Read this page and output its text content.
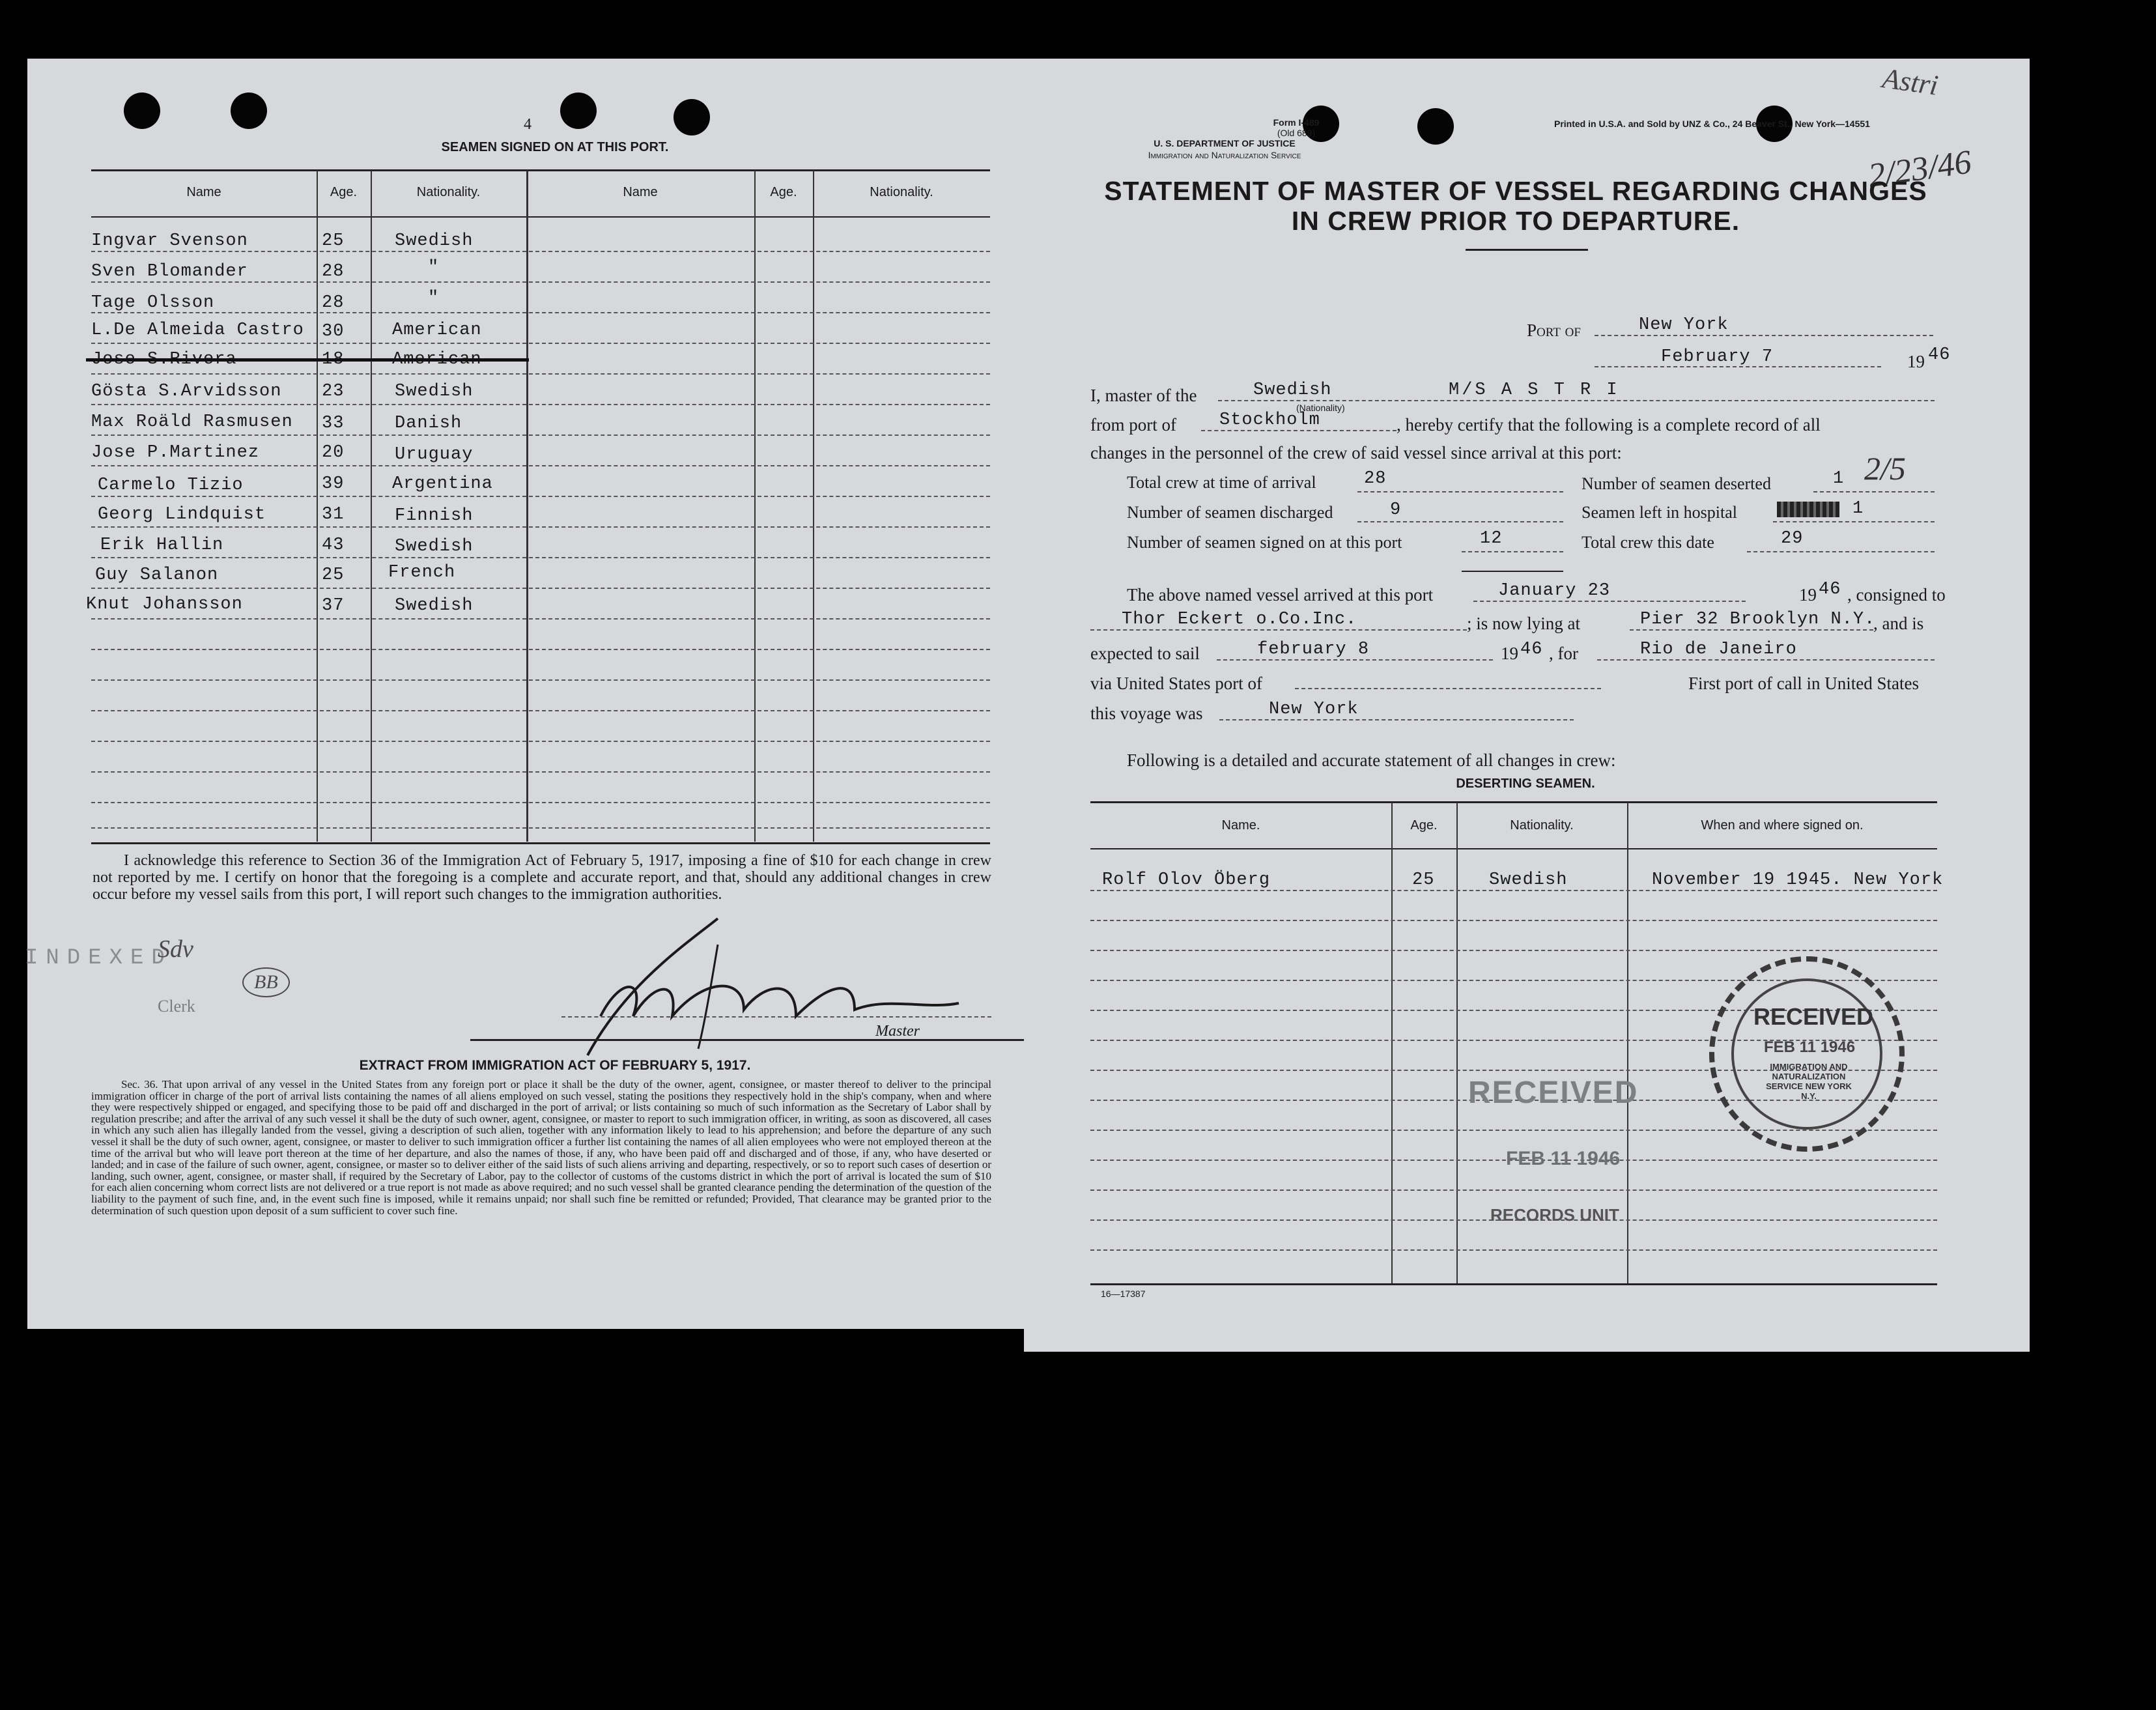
4
SEAMEN SIGNED ON AT THIS PORT.
Name	Age.	Nationality.	Name	Age.	Nationality.
Ingvar Svenson	25	Swedish
Sven Blomander	28	"
Tage Olsson	28	"
L.De Almeida Castro 30	American
Jose S.Rivera	18	American
Gösta S.Arvidsson 23	Swedish
Max Roäld Rasmusen 33	Danish
Jose P.Martinez	20	Uruguay
Carmelo Tizio	39	Argentina
Georg Lindquist	31	Finnish
Erik Hallin	43	Swedish
Guy Salanon	25	French
Knut Johansson	37	Swedish
I acknowledge this reference to Section 36 of the Immigration Act of February 5, 1917, imposing a fine of $10 for each change in crew not reported by me. I certify on honor that the foregoing is a complete and accurate report, and that, should any additional changes in crew occur before my vessel sails from this port, I will report such changes to the immigration authorities.
Master
INDEXED
Sdv
BB
Clerk
EXTRACT FROM IMMIGRATION ACT OF FEBRUARY 5, 1917.
Sec. 36. That upon arrival of any vessel in the United States from any foreign port or place it shall be the duty of the owner, agent, consignee, or master thereof to deliver to the principal immigration officer in charge of the port of arrival lists containing the names of all aliens employed on such vessel, stating the positions they respectively hold in the ship's company, when and where they were respectively shipped or engaged, and specifying those to be paid off and discharged in the port of arrival; or lists containing so much of such information as the Secretary of Labor shall by regulation prescribe; and after the arrival of any such vessel it shall be the duty of such owner, agent, consignee, or master to report to such immigration officer, in writing, as soon as discovered, all cases in which any such alien has illegally landed from the vessel, giving a description of such alien, together with any information likely to lead to his apprehension; and before the departure of any such vessel it shall be the duty of such owner, agent, consignee, or master to deliver to such immigration officer a further list containing the names of all alien employees who were not employed thereon at the time of the arrival but who will leave port thereon at the time of her departure, and also the names of those, if any, who have been paid off and discharged and of those, if any, who have deserted or landed; and in case of the failure of such owner, agent, consignee, or master so to deliver either of the said lists of such aliens arriving and departing, respectively, or so to report such cases of desertion or landing, such owner, agent, consignee, or master shall, if required by the Secretary of Labor, pay to the collector of customs of the customs district in which the port of arrival is located the sum of $10 for each alien concerning whom correct lists are not delivered or a true report is not made as above required; and no such vessel shall be granted clearance pending the determination of the question of the liability to the payment of such fine, and, in the event such fine is imposed, while it remains unpaid; nor shall such fine be remitted or refunded; Provided, That clearance may be granted prior to the determination of such question upon deposit of a sum sufficient to cover such fine.
Form I-489
(Old 689)
U. S. DEPARTMENT OF JUSTICE
Immigration and Naturalization Service
Printed in U.S.A. and Sold by UNZ & Co., 24 Beaver St., New York—14551
Astri
2/23/46
STATEMENT OF MASTER OF VESSEL REGARDING CHANGES
IN CREW PRIOR TO DEPARTURE.
Port of	New York
February 7	19 46
I, master of the	Swedish
(Nationality)
M/S A S T R I
from port of Stockholm	, hereby certify that the following is a complete record of all
changes in the personnel of the crew of said vessel since arrival at this port:
Total crew at time of arrival	28	Number of seamen deserted	1 2/5
Number of seamen discharged	9	Seamen left in hospital	1
Number of seamen signed on at this port	12	Total crew this date	29
The above named vessel arrived at this port	January 23	19 46 , consigned to
Thor Eckert o.Co.Inc.	; is now lying at	Pier 32 Brooklyn N.Y.
, and is
expected to sail	february 8	19 46 , for	Rio de Janeiro
via United States port of	First port of call in United States
this voyage was	New York
Following is a detailed and accurate statement of all changes in crew:
DESERTING SEAMEN.
Name.	Age.	Nationality.	When and where signed on.
Rolf Olov Öberg	25	Swedish	November 19 1945. New York
RECEIVED
FEB 11 1946
RECORDS UNIT
RECEIVED
FEB 11 1946
IMMIGRATION AND NATURALIZATION SERVICE NEW YORK N.Y.
16—17387
